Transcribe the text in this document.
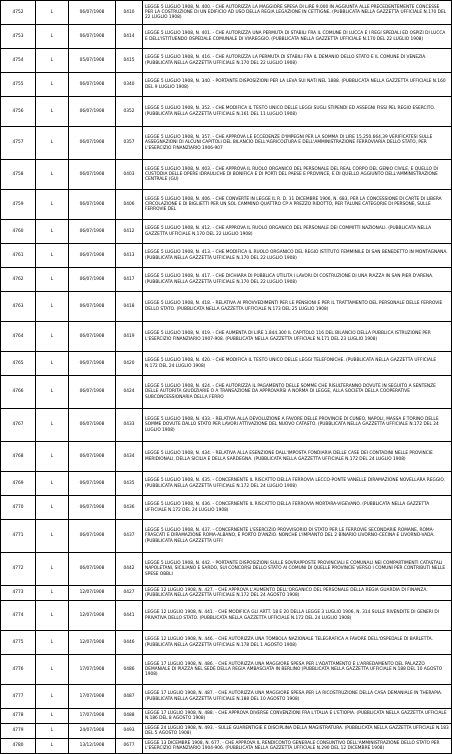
4752	L	06/07/1908	0410	LEGGE 5 LUGLIO 1908, N. 400. - CHE AUTORIZZA LA MAGGIORE SPESA DI LIRE 9.000 IN AGGIUNTA ALLE PRECEDENTEMENTE CONCESSE PER LA COSTRUZIONE DI UN EDIFICIO AD USO DELLA REGIA LEGAZIONE IN CETTIGNE. (PUBBLICATA NELLA GAZZETTA UFFICIALE N.170 DEL 22 LUGLIO 1908)
4753	L	06/07/1908	0414	LEGGE 5 LUGLIO 1908, N. 401. - CHE AUTORIZZA UNA PERMUTA DI STABILI FRA IL COMUNE DI LUCCA E I REGI SPEDALI ED OSPIZI DI LUCCA E DELL'ISTITUENDO OSPEDALE COMUNALE DI VIAREGGIO. (PUBBLICATA NELLA GAZZETTA UFFICIALE N.170 DEL 22 LUGLIO 1908)
4754	L	05/07/1908	0415	LEGGE 5 LUGLIO 1908, N. 416. - CHE AUTORIZZA LA PERMUTA DI STABILI FRA IL DEMANIO DELLO STATO E IL COMUNE DI VENEZIA. (PUBBLICATA NELLA GAZZETTA UFFICIALE N.170 DEL 22 LUGLIO 1908)
4755	L	06/07/1908	0340	LEGGE 5 LUGLIO 1908, N. 340. - PORTANTE DISPOSIZIONI PER LA LEVA SUI NATI NEL 1888. (PUBBLICATA NELLA GAZZETTA UFFICIALE N.160 DEL 9 LUGLIO 1908)
4756	L	06/07/1908	0352	LEGGE 5 LUGLIO 1908, N. 352. - CHE MODIFICA IL TESTO UNICO DELLE LEGGI SUGLI STIPENDI ED ASSEGNI FISSI PEL REGIO ESERCITO. (PUBBLICATA NELLA GAZZETTA UFFICIALE N.161 DEL 11 LUGLIO 1908)
4757	L	06/07/1908	0357	LEGGE 5 LUGLIO 1908, N. 357. - CHE APPROVA LE ECCEDENZE D'IMPEGNI PER LA SOMMA DI LIRE 15.250.664,39 VERIFICATESI SULLE ASSEGNAZIONI DI ALCUNI CAPITOLI DEL BILANCIO DELL'AGRICOLTURA E DELL'AMMINISTRAZIONE FERROVIARIA DELLO STATO, PER L'ESERCIZIO FINANZIARIO 1906-907
4758	L	06/07/1908	0403	LEGGE 5 LUGLIO 1908, N. 403. - CHE APPROVA IL RUOLO ORGANICO DEL PERSONALE DEL REAL CORPO DEL GENIO CIVILE, E QUELLO DI CUSTODIA DELLE OPERE IDRAULICHE DI BONIFICA E DI PORTI DEL PAESE E PROVINCE, E DI QUELLO AGGIUNTO DELL'AMMINISTRAZIONE CENTRALE (GU)
4759	L	06/07/1908	0406	LEGGE 5 LUGLIO 1908, N. 406. - CHE CONVERTE IN LEGGE IL R. D. 31 DICEMBRE 1906, N. 683, PER LA CONCESSIONE DI CARTE DI LIBERA CIRCOLAZIONE E DI BIGLIETTI PER UN SOL CAMMINO QUATTRO CP A PREZZO RIDOTTO, PER TALUNE CATEGORIE DI PERSONE, SULLE FERROVIE DEL
4760	L	06/07/1908	0412	LEGGE 5 LUGLIO 1908, N. 412. - CHE APPROVA IL RUOLO ORGANICO DEL PERSONALE DEI COMMITTI NAZIONALI. (PUBBLICATA NELLA GAZZETTA UFFICIALE N.170 DEL 22 LUGLIO 1908)
4761	L	06/07/1908	0413	LEGGE 5 LUGLIO 1908, N. 413. - CHE MODIFICA IL RUOLO ORGANICO DEL REGIO ISTITUTO FEMMINILE DI SAN BENEDETTO IN MONTAGNANA. (PUBBLICATA NELLA GAZZETTA UFFICIALE N.170 DEL 22 LUGLIO 1908)
4762	L	06/07/1908	0417	LEGGE 5 LUGLIO 1908, N. 417. - CHE DICHIARA DI PUBBLICA UTILITA I LAVORI DI COSTRUZIONE DI UNA PIAZZA IN SAN PIER D'ARENA. (PUBBLICATA NELLA GAZZETTA UFFICIALE N.170 DEL 22 LUGLIO 1908)
4763	L	06/07/1908	0418	LEGGE 5 LUGLIO 1908, N. 418. - RELATIVA AI PROVVEDIMENTI PER LE PENSIONI E PER IL TRATTAMENTO DEL PERSONALE DELLE FERROVIE DELLO STATO. (PUBBLICATA NELLA GAZZETTA UFFICIALE N.173 DEL 25 LUGLIO 1908)
4764	L	06/07/1908	0419	LEGGE 5 LUGLIO 1908, N. 419. - CHE AUMENTA DI LIRE 1.844.300 IL CAPITOLO 116 DEL BILANCIO DELLA PUBBLICA ISTRUZIONE PER L'ESERCIZIO FINANZIARIO 1907-908. (PUBBLICATA NELLA GAZZETTA UFFICIALE N.171 DEL 23 LUGLIO 1908)
4765	L	06/07/1908	0420	LEGGE 5 LUGLIO 1908, N. 420. - CHE MODIFICA IL TESTO UNICO DELLE LEGGI TELEFONICHE. (PUBBLICATA NELLA GAZZETTA UFFICIALE N.172 DEL 24 LUGLIO 1908)
4766	L	06/07/1908	0424	LEGGE 5 LUGLIO 1908, N. 424. - CHE AUTORIZZA IL PAGAMENTO DELLE SOMME CHE RISULTERANNO DOVUTE IN SEGUITO A SENTENZE DELLE AUTORITA GIUDIZIARIE O A TRANSAZIONE DA APPROVARSI A NORMA DI LEGGE, ALLA SOCIETA DELLA COOPERATIVE SUBCONCESSIONARIA DELLA FERRO
4767	L	06/07/1908	0433	LEGGE 5 LUGLIO 1908, N. 433. - RELATIVA ALLA DEVOLUZIONE A FAVORE DELLE PROVINCIE DI CUNEO, NAPOLI, MASSA E TORINO DELLE SOMME DOVUTE DALLO STATO PER LAVORI ATTIVAZIONE DEL NUOVO CATASTO. (PUBBLICATA NELLA GAZZETTA UFFICIALE N.172 DEL 24 LUGLIO 1908)
4768	L	06/07/1908	0434	LEGGE 5 LUGLIO 1908, N. 434. - RELATIVA ALLA ESENZIONE DALL'IMPOSTA FONDIARIA DELLE CASE DEI CONTADINI NELLE PROVINCIE MERIDIONALI, DELLA SICILIA E DELLA SARDEGNA. (PUBBLICATA NELLA GAZZETTA UFFICIALE N.172 DEL 24 LUGLIO 1908)
4769	L	06/07/1908	0435	LEGGE 5 LUGLIO 1908, N. 435. - CONCERNENTE IL RISCATTO DELLA FERROVIA LECCO-PONTE VANELLE DIRAMAZIONE NOVELLARA REGGIO. (PUBBLICATA NELLA GAZZETTA UFFICIALE N.172 DEL 24 LUGLIO 1908)
4770	L	06/07/1908	0436	LEGGE 5 LUGLIO 1908, N. 436. - CONCERNENTE IL RISCATTO DELLA FERROVIA MORTARA-VIGEVANO. (PUBBLICATA NELLA GAZZETTA UFFICIALE N.172 DEL 24 LUGLIO 1908)
4771	L	06/07/1908	0437	LEGGE 5 LUGLIO 1908, N. 437. - CONCERNENTE L'ESERCIZIO PROVVISORIO DI STATO PER LE FERROVIE SECONDARIE ROMANE, ROMA-FRASCATI E DIRAMAZIONE ROMA-ALBANO, E PORTO D'ANZIO. NONCHE L'IMPIANTO DEL 2 BINARIO LIVORNO-CECINA E LIVORNO-VADA. (PUBBLICATA NELLA GAZZETTA UFFI
4772	L	06/07/1908	0442	LEGGE 5 LUGLIO 1908, N. 442. - PORTANTE DISPOSIZIONI SULLE SOVRAPPOSTE PROVINCIALI E COMUNALI NEI COMPARTIMENTI CATASTALI NAPOLETANI, SICILIANO E SARDO, SUI CONCORSI DELLO STATO AI COMUNI DI QUELLE PROVINCIE VERSO I COMUNI PER CONTRIBUTI NELLE SPESE OBBLI
4773	L	12/07/1908	0427	LEGGE 12 LUGLIO 1908, N. 427. - CHE APPROVA L'AUMENTO DELL'ORGANICO DEL PERSONALE DELLA REGIA GUARDIA DI FINANZA. (PUBBLICATA NELLA GAZZETTA UFFICIALE N.172 DEL 24 AGOSTO 1908)
4774	L	12/07/1908	0441	LEGGE 12 LUGLIO 1908, N. 441. - CHE MODIFICA GLI ARTT. 18 E 20 DELLA LEGGE 3 LUGLIO 1906, N. 314 SULLE RIVENDITE DI GENERI DI PRIVATIVA DELLO STATO. (PUBBLICATA NELLA GAZZETTA UFFICIALE N.172 DEL 24 LUGLIO 1908)
4775	L	12/07/1908	0446	LEGGE 12 LUGLIO 1908, N. 446. - CHE AUTORIZZA UNA TOMBOLA NAZIONALE TELEGRAFICA A FAVORE DELL'OSPEDALE DI BARLETTA. (PUBBLICATA NELLA GAZZETTA UFFICIALE N.178 DEL 1 AGOSTO 1908)
4776	L	17/07/1908	0486	LEGGE 17 LUGLIO 1908, N. 486. - CHE AUTORIZZA UNA MAGGIORE SPESA PER L'ADATTAMENTO E L'ARREDAMENTO DEL PALAZZO DEMANIALE DI PIAZZA NEL SEDE DELLA REGIA AMBASCIATA IN BERLINO (PUBBLICATA NELLA GAZZETTA UFFICIALE N.188 DEL 10 AGOSTO 1908)
4777	L	17/07/1908	0487	LEGGE 17 LUGLIO 1908, N. 487. - CHE AUTORIZZA UNA MAGGIORE SPESA PER LA RICOSTRUZIONE DELLA CASA DEMANIALE IN THERAPIA. (PUBBLICATA NELLA GAZZETTA UFFICIALE N.188 DEL 10 AGOSTO 1908)
4778	L	17/07/1908	0488	LEGGE 17 LUGLIO 1908, N. 488. - CHE APPROVA DIVERSE CONVENZIONI FRA L'ITALIA E L'ETIOPIA. (PUBBLICATA NELLA GAZZETTA UFFICIALE N.186 DEL 8 AGOSTO 1908)
4779	L	24/07/1908	0493	LEGGE 24 LUGLIO 1908, N. 493. - SULLE GUARENTIGIE E DISCIPLINA DELLA MAGISTRATURA. (PUBBLICATA NELLA GAZZETTA UFFICIALE N.183 DEL 5 AGOSTO 1908)
4780	L	13/12/1908	0677	LEGGE 13 DICEMBRE 1908, N. 677. - CHE APPROVA IL RENDICONTO GENERALE CONSUNTIVO DELL'AMMINISTRAZIONE DELLO STATO PER L'ESERCIZIO FINANZIARIO 1904-906. (PUBBLICATA NELLA GAZZETTA UFFICIALE N.290 DEL 12 DICEMBRE 1908)
